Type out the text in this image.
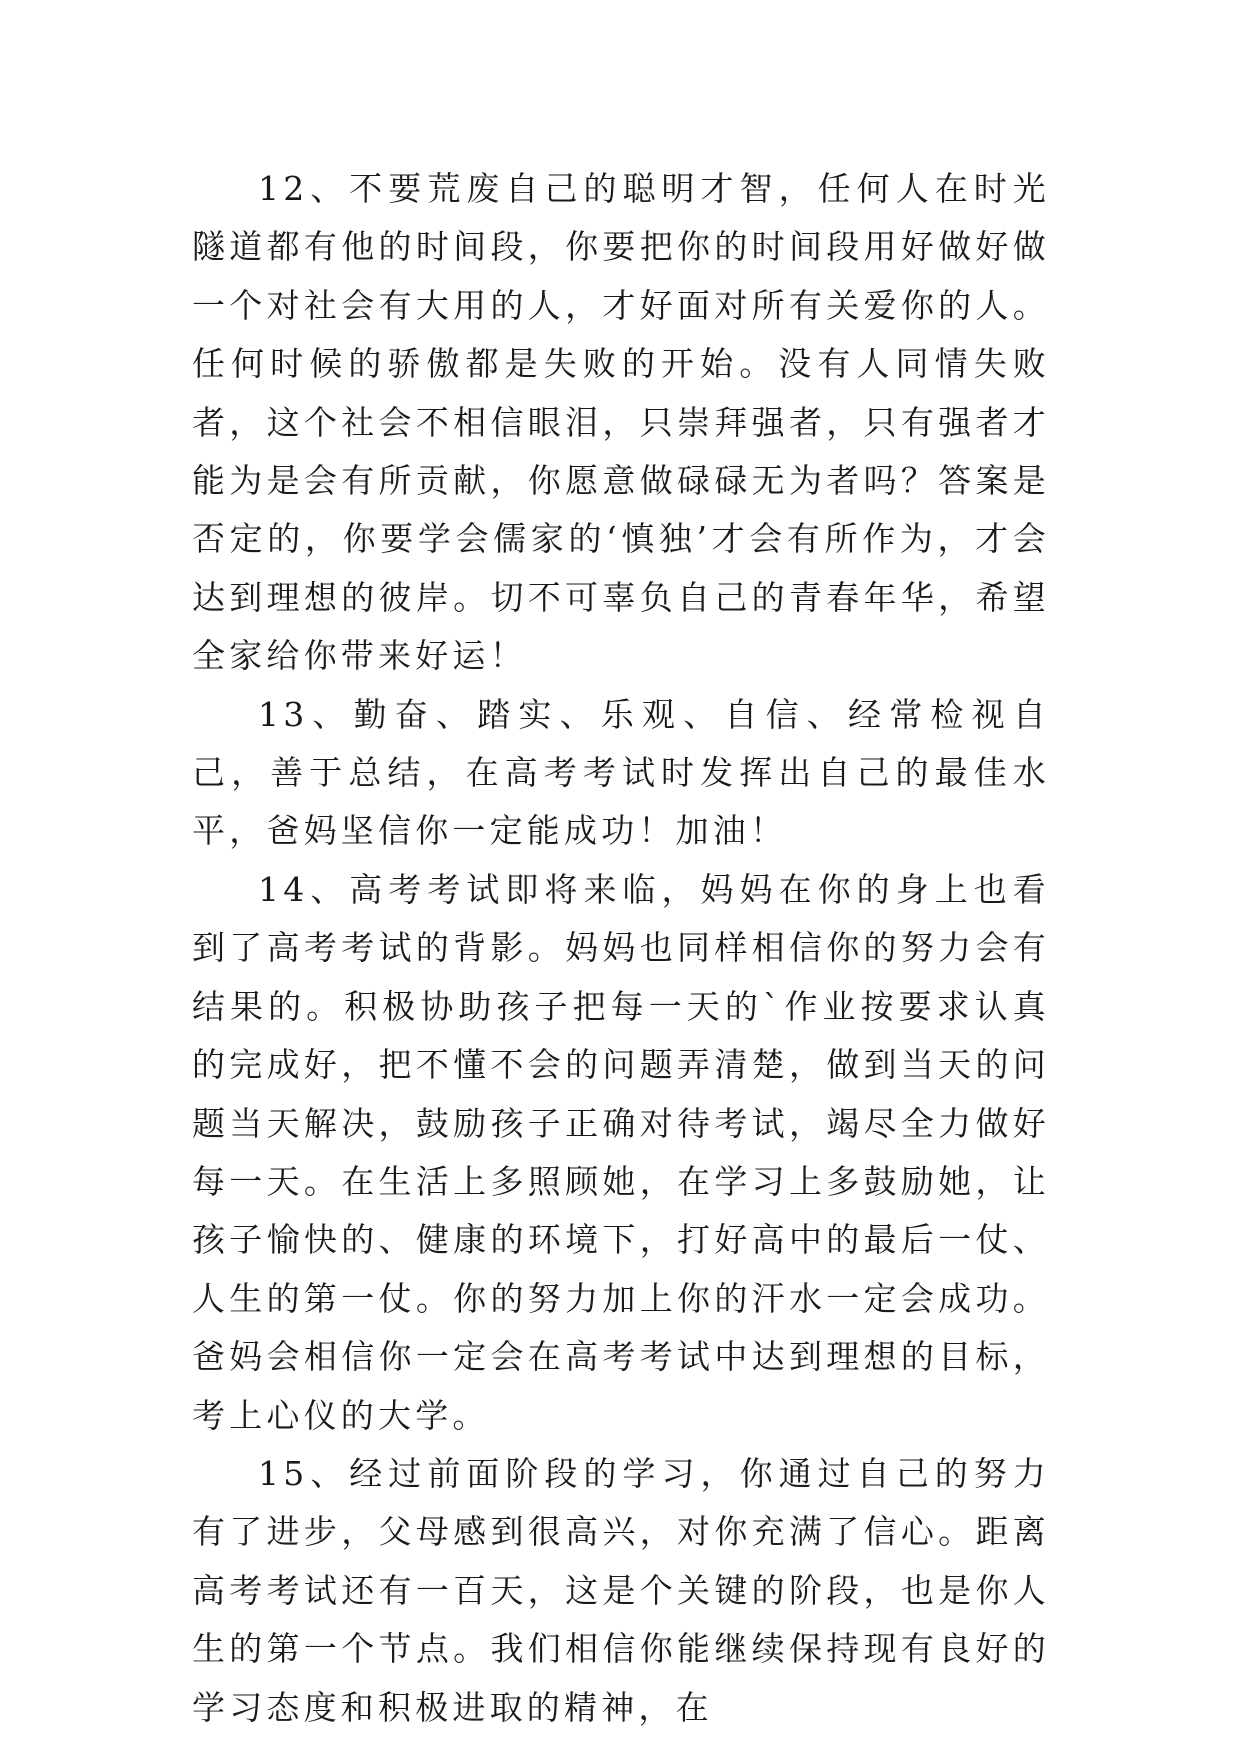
12、不要荒废自己的聪明才智，任何人在时光隧道都有他的时间段，你要把你的时间段用好做好做一个对社会有大用的人，才好面对所有关爱你的人。任何时候的骄傲都是失败的开始。没有人同情失败者，这个社会不相信眼泪，只崇拜强者，只有强者才能为是会有所贡献，你愿意做碌碌无为者吗？答案是否定的，你要学会儒家的‘慎独’才会有所作为，才会达到理想的彼岸。切不可辜负自己的青春年华，希望全家给你带来好运！

13、勤奋、踏实、乐观、自信、经常检视自己，善于总结，在高考考试时发挥出自己的最佳水平，爸妈坚信你一定能成功！加油！

14、高考考试即将来临，妈妈在你的身上也看到了高考考试的背影。妈妈也同样相信你的努力会有结果的。积极协助孩子把每一天的`作业按要求认真的完成好，把不懂不会的问题弄清楚，做到当天的问题当天解决，鼓励孩子正确对待考试，竭尽全力做好每一天。在生活上多照顾她，在学习上多鼓励她，让孩子愉快的、健康的环境下，打好高中的最后一仗、人生的第一仗。你的努力加上你的汗水一定会成功。爸妈会相信你一定会在高考考试中达到理想的目标，考上心仪的大学。

15、经过前面阶段的学习，你通过自己的努力有了进步，父母感到很高兴，对你充满了信心。距离高考考试还有一百天，这是个关键的阶段，也是你人生的第一个节点。我们相信你能继续保持现有良好的学习态度和积极进取的精神，在
